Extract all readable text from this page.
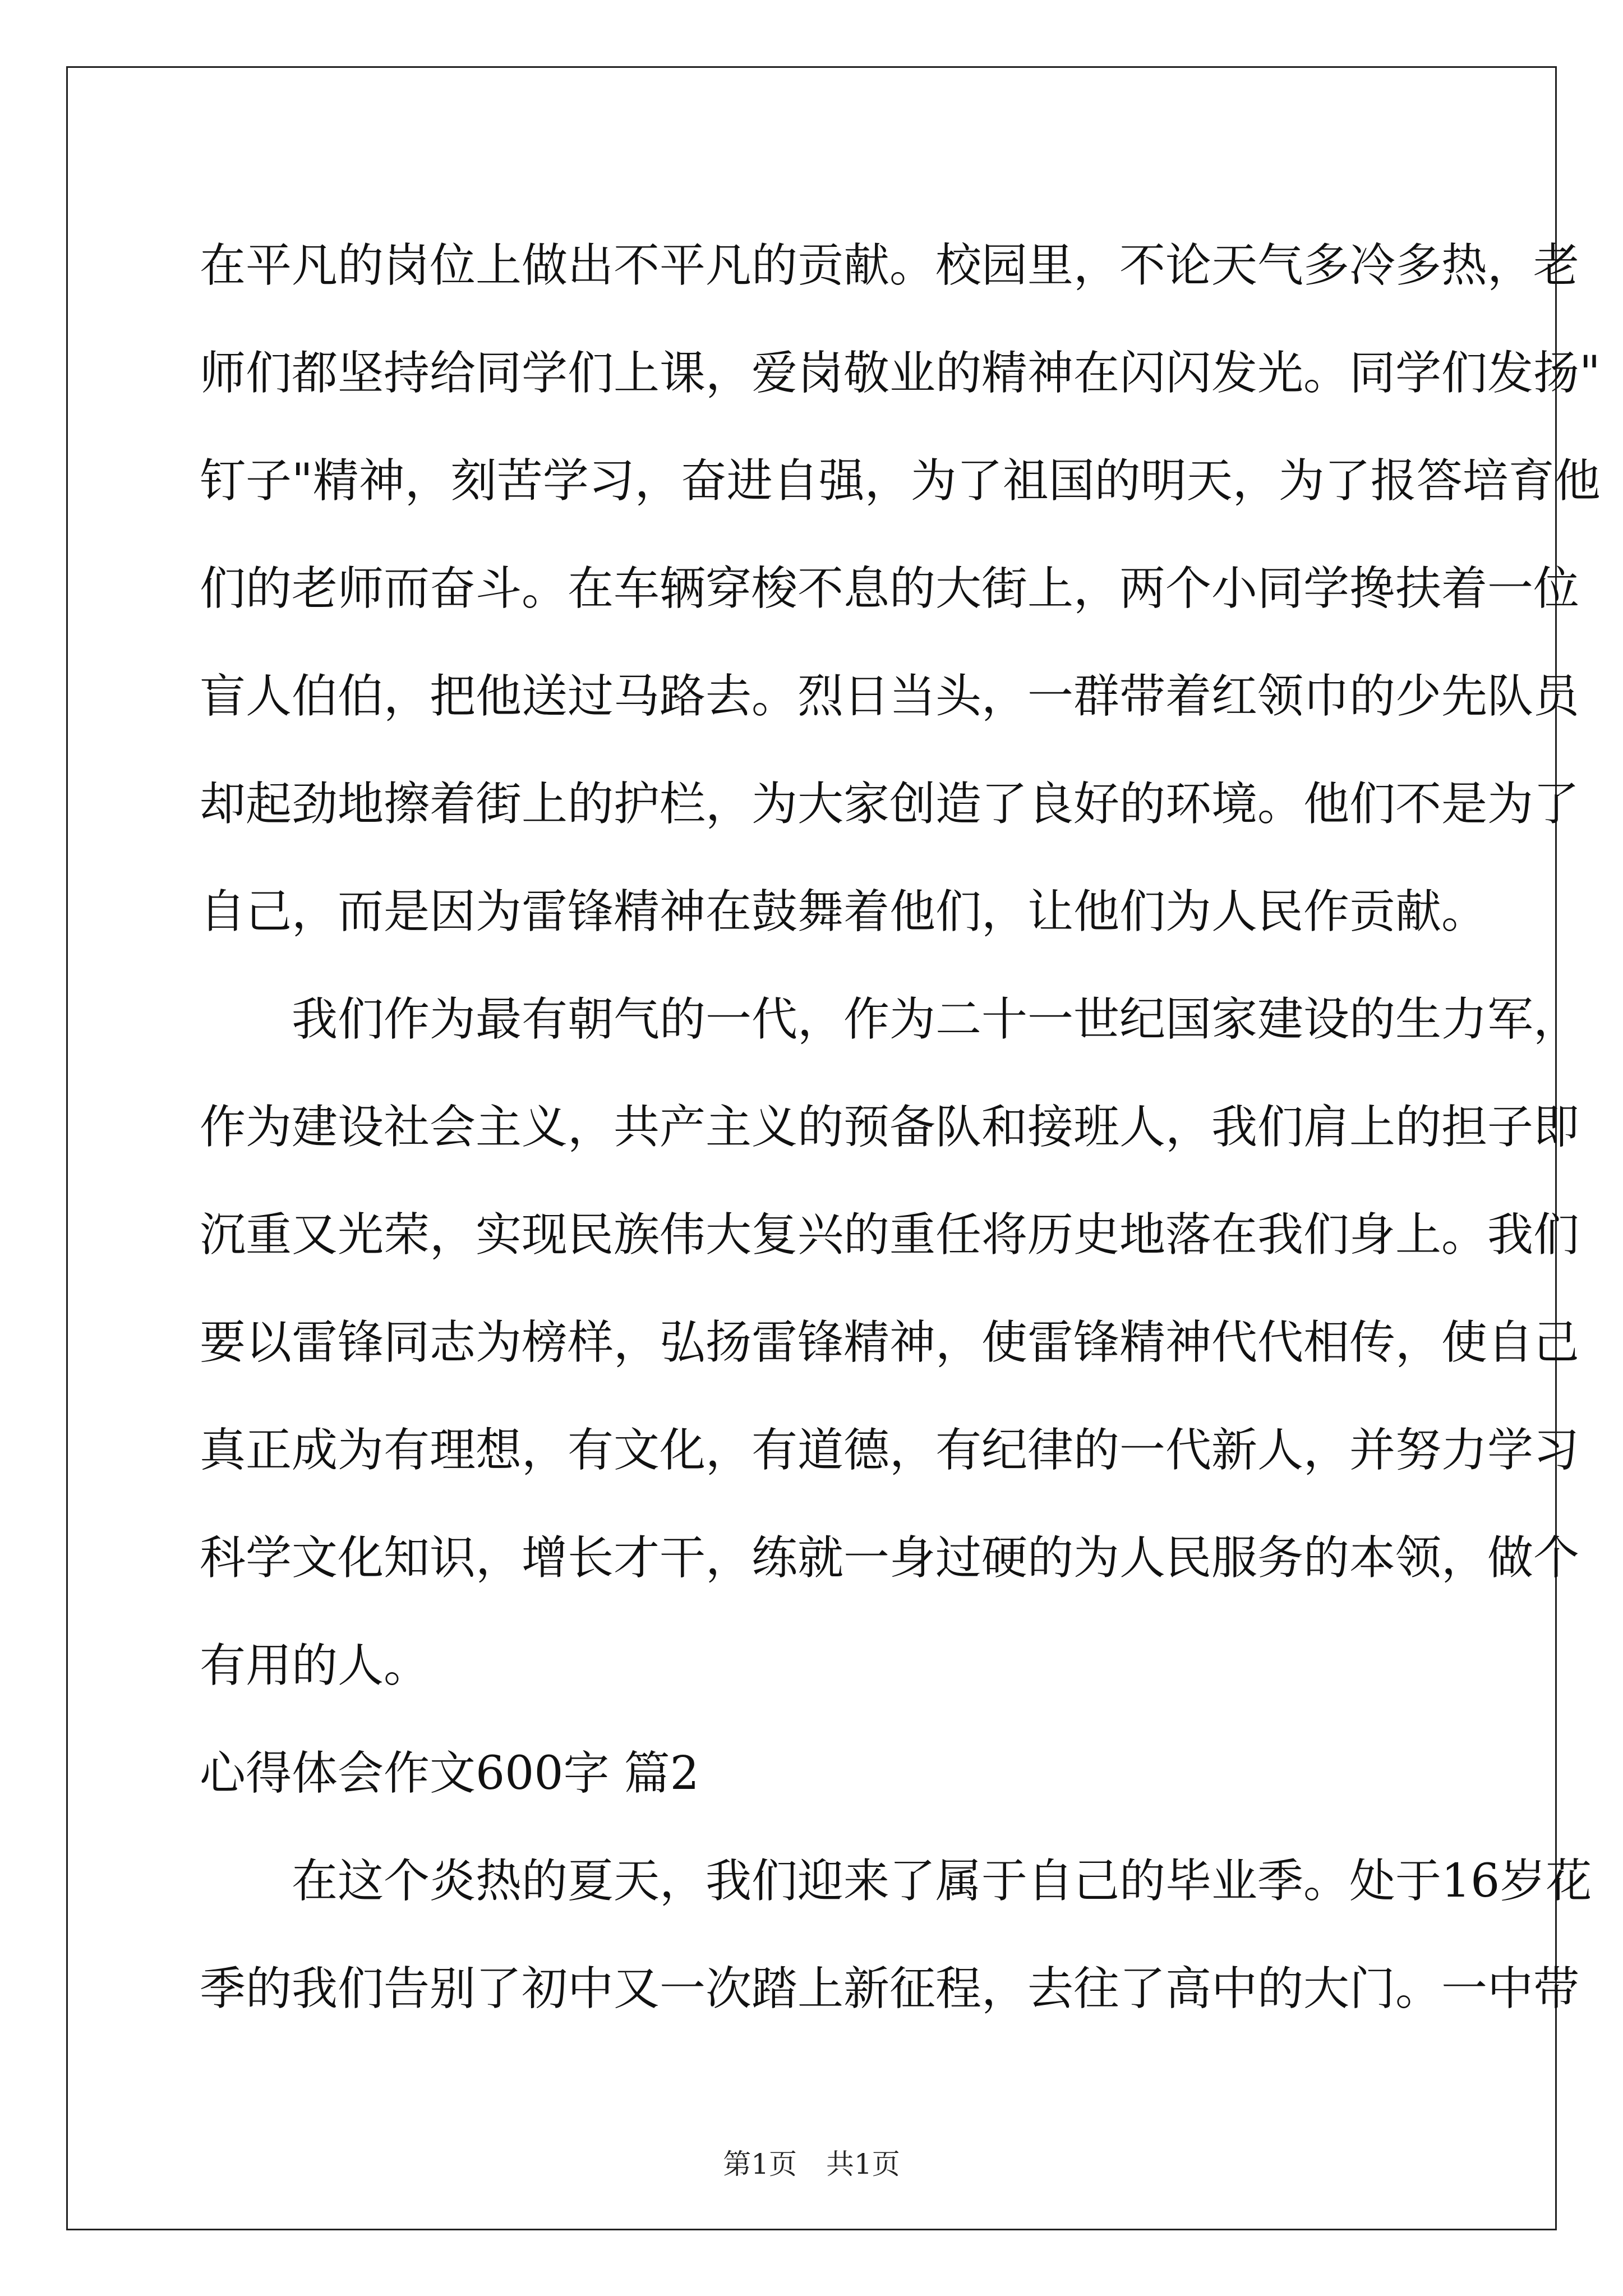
在平凡的岗位上做出不平凡的贡献。校园里，不论天气多冷多热，老

师们都坚持给同学们上课，爱岗敬业的精神在闪闪发光。同学们发扬"

钉子"精神，刻苦学习，奋进自强，为了祖国的明天，为了报答培育他

们的老师而奋斗。在车辆穿梭不息的大街上，两个小同学搀扶着一位

盲人伯伯，把他送过马路去。烈日当头，一群带着红领巾的少先队员

却起劲地擦着街上的护栏，为大家创造了良好的环境。他们不是为了

自己，而是因为雷锋精神在鼓舞着他们，让他们为人民作贡献。

我们作为最有朝气的一代，作为二十一世纪国家建设的生力军，

作为建设社会主义，共产主义的预备队和接班人，我们肩上的担子即

沉重又光荣，实现民族伟大复兴的重任将历史地落在我们身上。我们

要以雷锋同志为榜样，弘扬雷锋精神，使雷锋精神代代相传，使自己

真正成为有理想，有文化，有道德，有纪律的一代新人，并努力学习

科学文化知识，增长才干，练就一身过硬的为人民服务的本领，做个

有用的人。

心得体会作文600字 篇2

在这个炎热的夏天，我们迎来了属于自己的毕业季。处于16岁花

季的我们告别了初中又一次踏上新征程，去往了高中的大门。一中带

第1页 共1页
